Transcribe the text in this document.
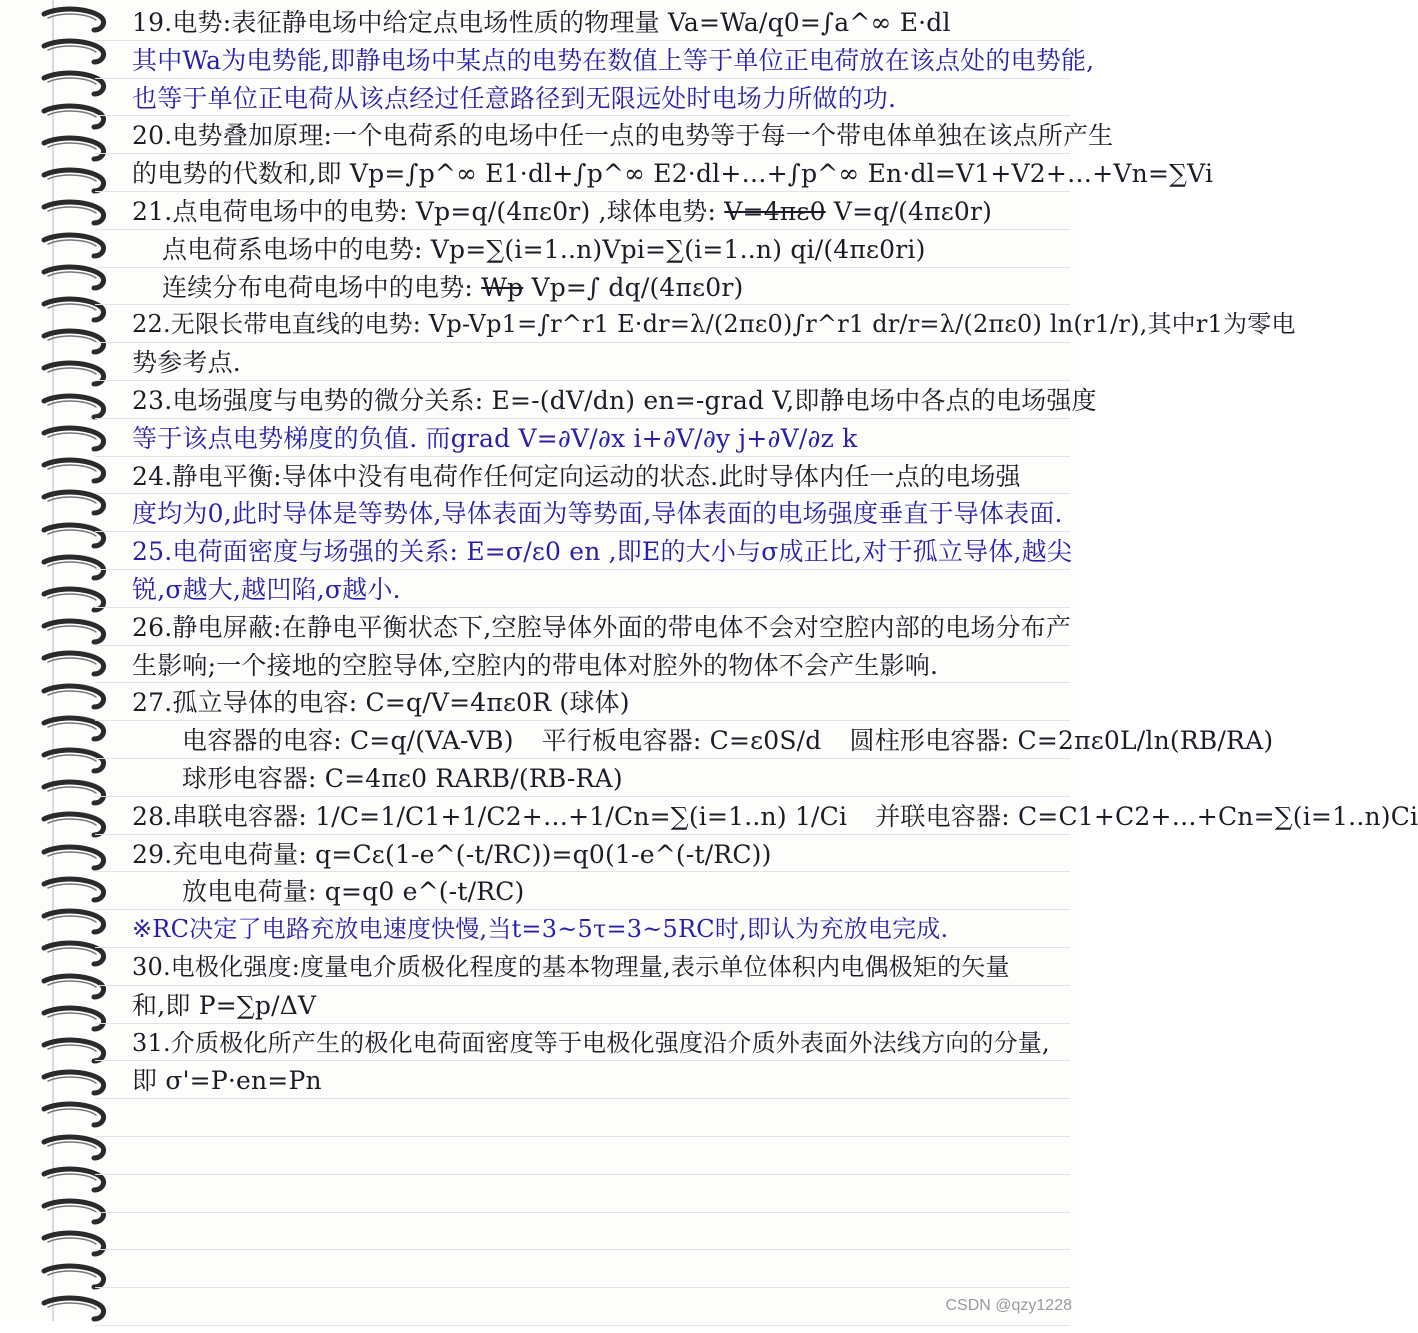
19.电势:表征静电场中给定点电场性质的物理量 Va=Wa/q0=∫a^∞ E·dl
其中Wa为电势能,即静电场中某点的电势在数值上等于单位正电荷放在该点处的电势能,
也等于单位正电荷从该点经过任意路径到无限远处时电场力所做的功.
20.电势叠加原理:一个电荷系的电场中任一点的电势等于每一个带电体单独在该点所产生
的电势的代数和,即 Vp=∫p^∞ E1·dl+∫p^∞ E2·dl+…+∫p^∞ En·dl=V1+V2+…+Vn=∑Vi
21.点电荷电场中的电势: Vp=q/(4πε0r) ,球体电势: V=4πε0 V=q/(4πε0r)
点电荷系电场中的电势: Vp=∑(i=1..n)Vpi=∑(i=1..n) qi/(4πε0ri)
连续分布电荷电场中的电势: Wp Vp=∫ dq/(4πε0r)
22.无限长带电直线的电势: Vp-Vp1=∫r^r1 E·dr=λ/(2πε0)∫r^r1 dr/r=λ/(2πε0) ln(r1/r),其中r1为零电
势参考点.
23.电场强度与电势的微分关系: E=-(dV/dn) en=-grad V,即静电场中各点的电场强度
等于该点电势梯度的负值. 而grad V=∂V/∂x i+∂V/∂y j+∂V/∂z k
24.静电平衡:导体中没有电荷作任何定向运动的状态.此时导体内任一点的电场强
度均为0,此时导体是等势体,导体表面为等势面,导体表面的电场强度垂直于导体表面.
25.电荷面密度与场强的关系: E=σ/ε0 en ,即E的大小与σ成正比,对于孤立导体,越尖
锐,σ越大,越凹陷,σ越小.
26.静电屏蔽:在静电平衡状态下,空腔导体外面的带电体不会对空腔内部的电场分布产
生影响;一个接地的空腔导体,空腔内的带电体对腔外的物体不会产生影响.
27.孤立导体的电容: C=q/V=4πε0R (球体)
电容器的电容: C=q/(VA-VB) 平行板电容器: C=ε0S/d 圆柱形电容器: C=2πε0L/ln(RB/RA)
球形电容器: C=4πε0 RARB/(RB-RA)
28.串联电容器: 1/C=1/C1+1/C2+…+1/Cn=∑(i=1..n) 1/Ci 并联电容器: C=C1+C2+…+Cn=∑(i=1..n)Ci
29.充电电荷量: q=Cε(1-e^(-t/RC))=q0(1-e^(-t/RC))
放电电荷量: q=q0 e^(-t/RC)
※RC决定了电路充放电速度快慢,当t=3~5τ=3~5RC时,即认为充放电完成.
30.电极化强度:度量电介质极化程度的基本物理量,表示单位体积内电偶极矩的矢量
和,即 P=∑p/ΔV
31.介质极化所产生的极化电荷面密度等于电极化强度沿介质外表面外法线方向的分量,
即 σ'=P·en=Pn
CSDN @qzy1228
